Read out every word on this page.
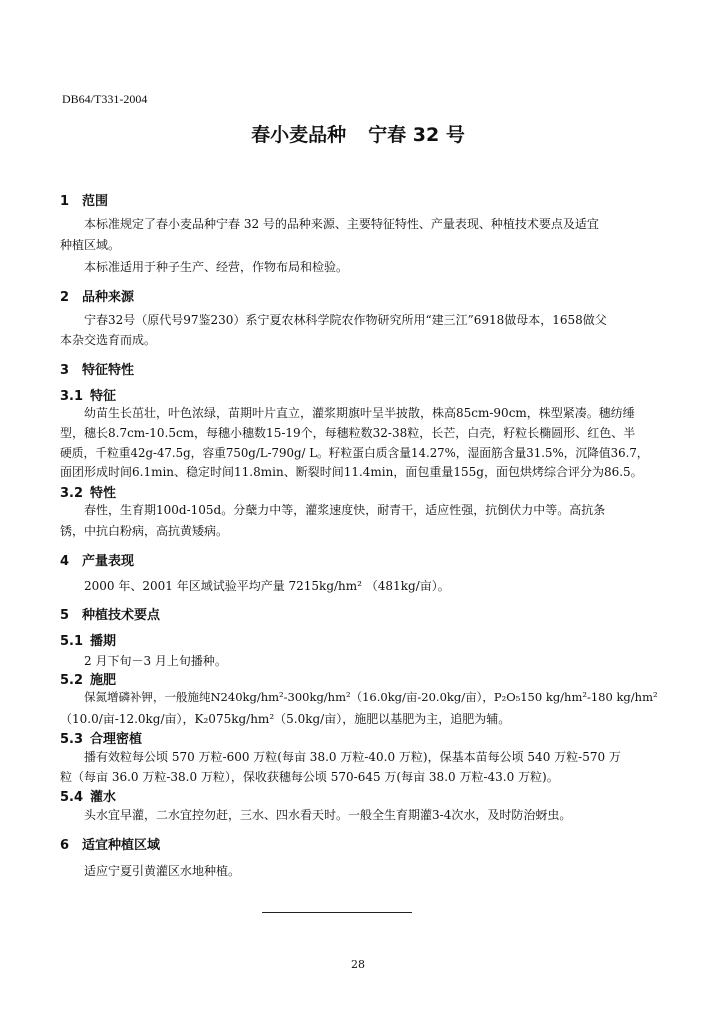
DB64/T331-2004
春小麦品种 宁春 32 号
1 范围
本标准规定了春小麦品种宁春 32 号的品种来源、主要特征特性、产量表现、种植技术要点及适宜
种植区域。
本标准适用于种子生产、经营，作物布局和检验。
2 品种来源
宁春32号（原代号97鉴230）系宁夏农林科学院农作物研究所用“建三江”6918做母本，1658做父
本杂交选育而成。
3 特征特性
3.1 特征
幼苗生长茁壮，叶色浓绿，苗期叶片直立，灌浆期旗叶呈半披散，株高85cm-90cm，株型紧凑。穗纺缍
型，穗长8.7cm-10.5cm，每穗小穗数15-19个，每穗粒数32-38粒，长芒，白壳，籽粒长椭圆形、红色、半
硬质，千粒重42g-47.5g，容重750g/L-790g/ L。籽粒蛋白质含量14.27%，湿面筋含量31.5%，沉降值36.7，
面团形成时间6.1min、稳定时间11.8min、断裂时间11.4min，面包重量155g，面包烘烤综合评分为86.5。
3.2 特性
春性，生育期100d-105d。分蘖力中等，灌浆速度快，耐青干，适应性强，抗倒伏力中等。高抗条
锈，中抗白粉病，高抗黄矮病。
4 产量表现
2000 年、2001 年区域试验平均产量 7215kg/hm² （481kg/亩）。
5 种植技术要点
5.1 播期
2 月下旬－3 月上旬播种。
5.2 施肥
保氮增磷补钾，一般施纯N240kg/hm²-300kg/hm²（16.0kg/亩-20.0kg/亩），P₂O₅150 kg/hm²-180 kg/hm²
（10.0/亩-12.0kg/亩），K₂075kg/hm²（5.0kg/亩），施肥以基肥为主，追肥为辅。
5.3 合理密植
播有效粒每公顷 570 万粒-600 万粒(每亩 38.0 万粒-40.0 万粒)，保基本苗每公顷 540 万粒-570 万
粒（每亩 36.0 万粒-38.0 万粒），保收获穗每公顷 570-645 万(每亩 38.0 万粒-43.0 万粒)。
5.4 灌水
头水宜早灌，二水宜控勿赶，三水、四水看天时。一般全生育期灌3-4次水，及时防治蚜虫。
6 适宜种植区域
适应宁夏引黄灌区水地种植。
28
